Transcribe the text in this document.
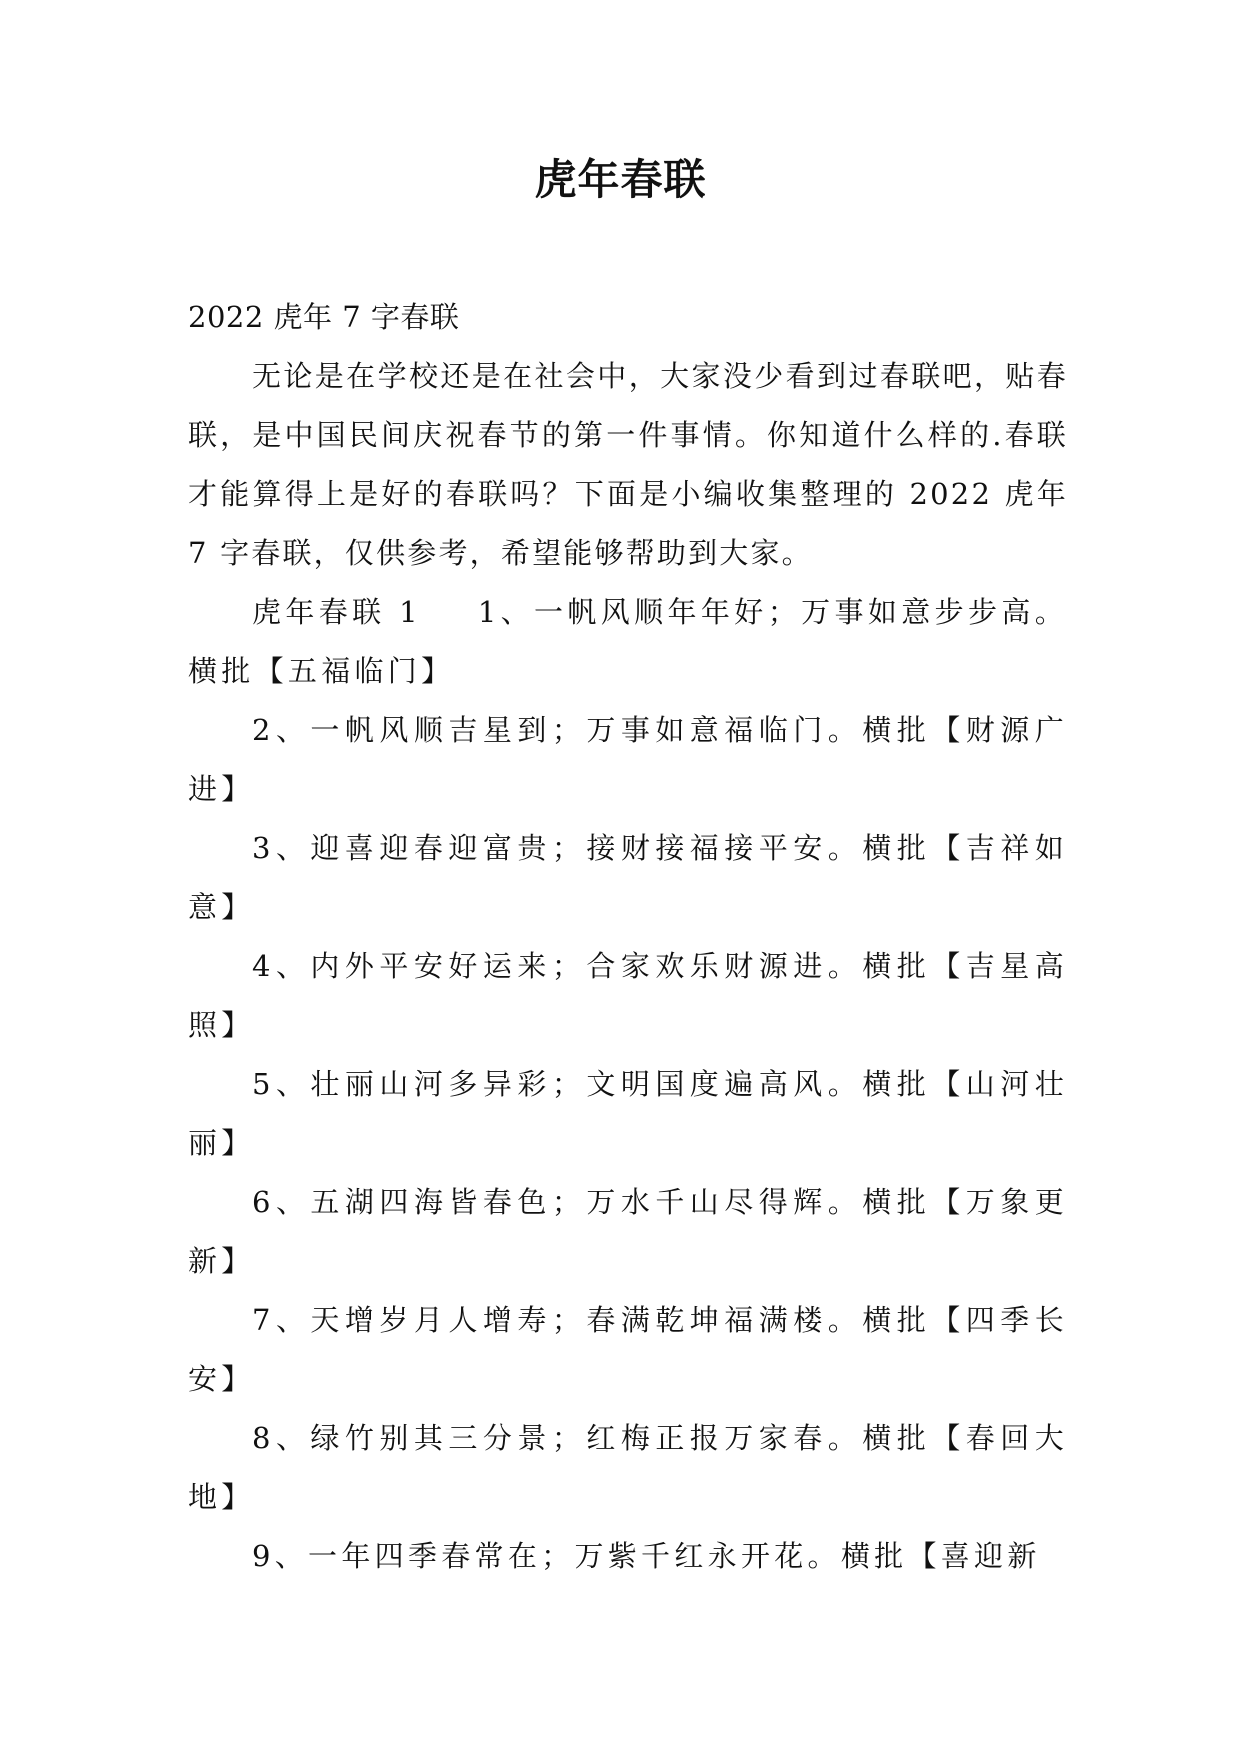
虎年春联

2022 虎年 7 字春联

无论是在学校还是在社会中，大家没少看到过春联吧，贴春联，是中国民间庆祝春节的第一件事情。你知道什么样的.春联才能算得上是好的春联吗？下面是小编收集整理的 2022 虎年 7 字春联，仅供参考，希望能够帮助到大家。

虎年春联 1 1、一帆风顺年年好；万事如意步步高。横批【五福临门】

2、一帆风顺吉星到；万事如意福临门。横批【财源广进】

3、迎喜迎春迎富贵；接财接福接平安。横批【吉祥如意】

4、内外平安好运来；合家欢乐财源进。横批【吉星高照】

5、壮丽山河多异彩；文明国度遍高风。横批【山河壮丽】

6、五湖四海皆春色；万水千山尽得辉。横批【万象更新】

7、天增岁月人增寿；春满乾坤福满楼。横批【四季长安】

8、绿竹别其三分景；红梅正报万家春。横批【春回大地】

9、一年四季春常在；万紫千红永开花。横批【喜迎新
